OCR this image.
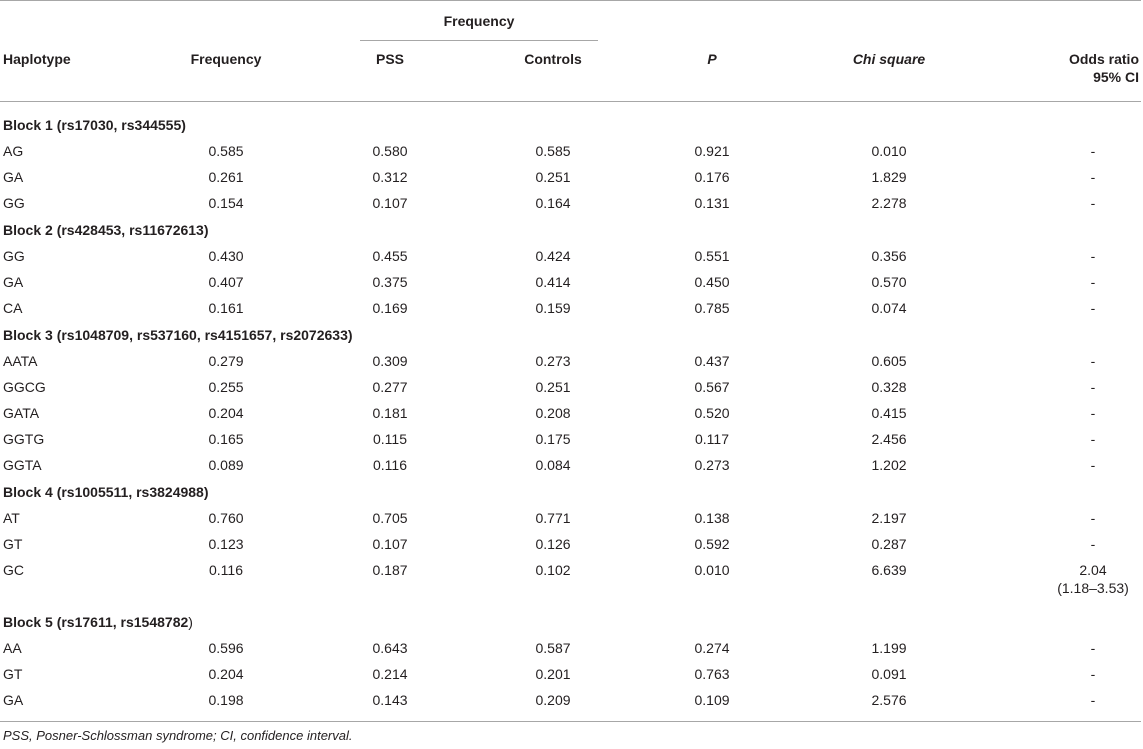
Frequency
Haplotype	Frequency	PSS	Controls	P	Chi square	Odds ratio
95% CI
Block 1 (rs17030, rs344555)
AG	0.585	0.580	0.585	0.921	0.010	-
GA	0.261	0.312	0.251	0.176	1.829	-
GG	0.154	0.107	0.164	0.131	2.278	-
Block 2 (rs428453, rs11672613)
GG	0.430	0.455	0.424	0.551	0.356	-
GA	0.407	0.375	0.414	0.450	0.570	-
CA	0.161	0.169	0.159	0.785	0.074	-
Block 3 (rs1048709, rs537160, rs4151657, rs2072633)
AATA	0.279	0.309	0.273	0.437	0.605	-
GGCG	0.255	0.277	0.251	0.567	0.328	-
GATA	0.204	0.181	0.208	0.520	0.415	-
GGTG	0.165	0.115	0.175	0.117	2.456	-
GGTA	0.089	0.116	0.084	0.273	1.202	-
Block 4 (rs1005511, rs3824988)
AT	0.760	0.705	0.771	0.138	2.197	-
GT	0.123	0.107	0.126	0.592	0.287	-
GC	0.116	0.187	0.102	0.010	6.639	2.04
(1.18–3.53)
Block 5 (rs17611, rs1548782)
AA	0.596	0.643	0.587	0.274	1.199	-
GT	0.204	0.214	0.201	0.763	0.091	-
GA	0.198	0.143	0.209	0.109	2.576	-
PSS, Posner-Schlossman syndrome; CI, confidence interval.
